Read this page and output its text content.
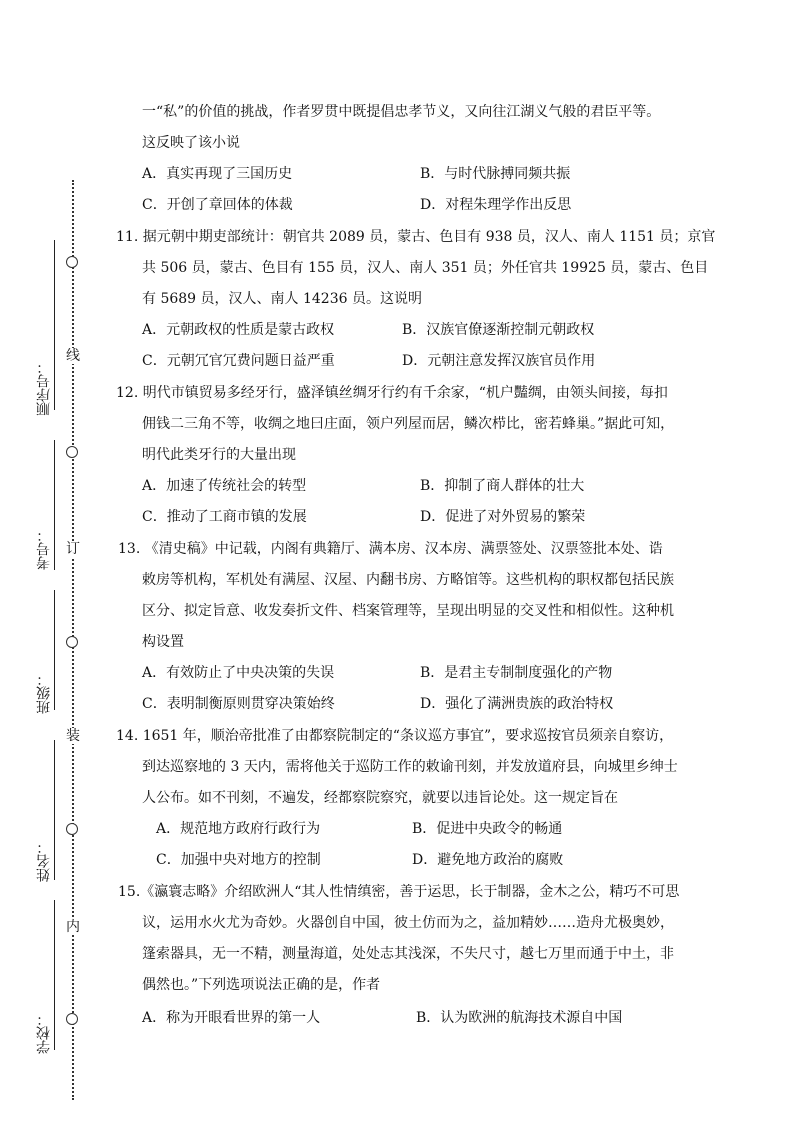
线
订
装
内
顺序号：
考号：
班级：
姓名：
学校：
一“私”的价值的挑战，作者罗贯中既提倡忠孝节义，又向往江湖义气般的君臣平等。
这反映了该小说
A．真实再现了三国历史	B．与时代脉搏同频共振
C．开创了章回体的体裁	D．对程朱理学作出反思
11. 据元朝中期吏部统计：朝官共 2089 员，蒙古、色目有 938 员，汉人、南人 1151 员；京官
共 506 员，蒙古、色目有 155 员，汉人、南人 351 员；外任官共 19925 员，蒙古、色目
有 5689 员，汉人、南人 14236 员。这说明
A．元朝政权的性质是蒙古政权	B．汉族官僚逐渐控制元朝政权
C．元朝冗官冗费问题日益严重	D．元朝注意发挥汉族官员作用
12. 明代市镇贸易多经牙行，盛泽镇丝绸牙行约有千余家，“机户豔绸，由领头间接，每扣
佣钱二三角不等，收绸之地曰庄面，领户列屋而居，鳞次栉比，密若蜂巢。”据此可知，
明代此类牙行的大量出现
A．加速了传统社会的转型	B．抑制了商人群体的壮大
C．推动了工商市镇的发展	D．促进了对外贸易的繁荣
13. 《清史稿》中记载，内阁有典籍厅、满本房、汉本房、满票签处、汉票签批本处、诰
敕房等机构，军机处有满屋、汉屋、内翻书房、方略馆等。这些机构的职权都包括民族
区分、拟定旨意、收发奏折文件、档案管理等，呈现出明显的交叉性和相似性。这种机
构设置
A．有效防止了中央决策的失误	B．是君主专制制度强化的产物
C．表明制衡原则贯穿决策始终	D．强化了满洲贵族的政治特权
14. 1651 年，顺治帝批准了由都察院制定的“条议巡方事宜”，要求巡按官员须亲自察访，
到达巡察地的 3 天内，需将他关于巡防工作的敕谕刊刻，并发放道府县，向城里乡绅士
人公布。如不刊刻，不遍发，经都察院察究，就要以违旨论处。这一规定旨在
A．规范地方政府行政行为	B．促进中央政令的畅通
C．加强中央对地方的控制	D．避免地方政治的腐败
15.《瀛寰志略》介绍欧洲人“其人性情缜密，善于运思，长于制器，金木之公，精巧不可思
议，运用水火尤为奇妙。火器创自中国，彼土仿而为之，益加精妙……造舟尤极奥妙，
篷索器具，无一不精，测量海道，处处志其浅深，不失尺寸，越七万里而通于中土，非
偶然也。”下列选项说法正确的是，作者
A．称为开眼看世界的第一人	B．认为欧洲的航海技术源自中国
